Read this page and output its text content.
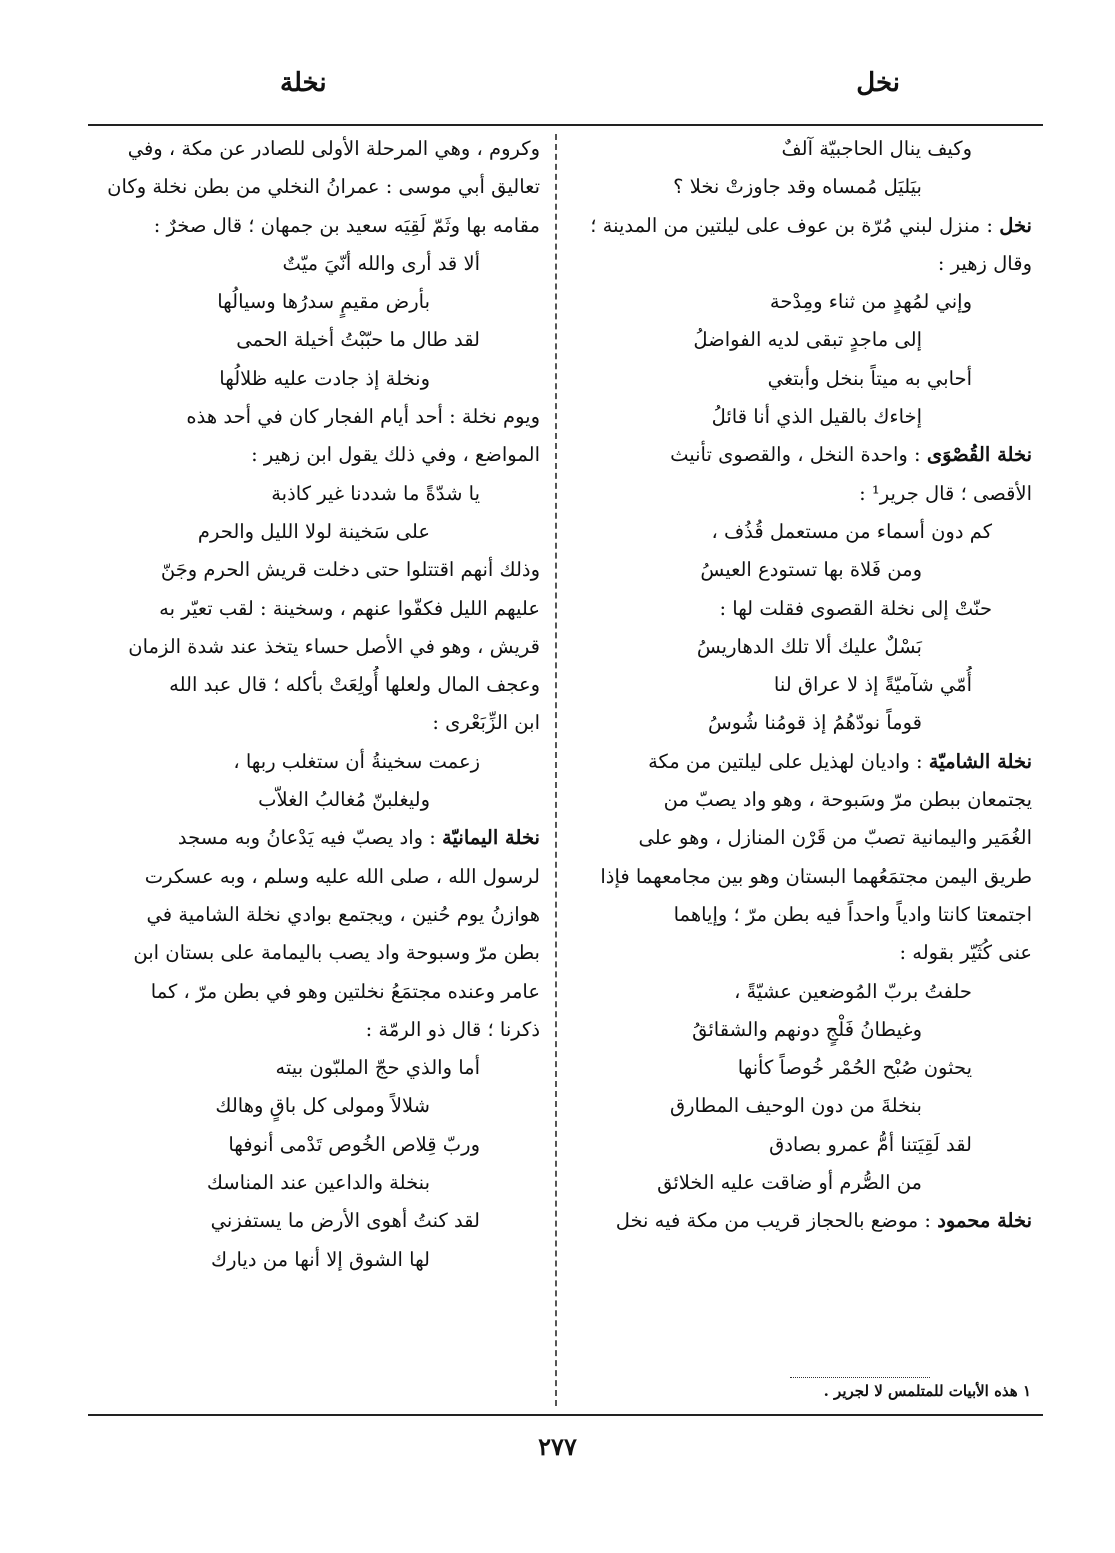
نخل
نخلة
وكيف ينال الحاجبيّة آلفٌ
بيَليَل مُمساه وقد جاوزتْ نخلا ؟
نخل : منزل لبني مُرّة بن عوف على ليلتين من المدينة ؛
وقال زهير :
وإني لمُهدٍ من ثناء ومِدْحة
إلى ماجدٍ تبقى لديه الفواضلُ
أحابي به ميتاً بنخل وأبتغي
إخاءك بالقيل الذي أنا قائلُ
نخلة القُصْوَى : واحدة النخل ، والقصوى تأنيث
الأقصى ؛ قال جرير¹ :
كم دون أسماء من مستعمل قُذُف ،
ومن فَلاة بها تستودع العيسُ
حنّتْ إلى نخلة القصوى فقلت لها :
بَسْلٌ عليك ألا تلك الدهاريسُ
أُمّي شآميّةً إذ لا عراق لنا
قوماً نودّهُمُ إذ قومُنا شُوسُ
نخلة الشاميّة : واديان لهذيل على ليلتين من مكة
يجتمعان ببطن مرّ وسَبوحة ، وهو واد يصبّ من
الغُمَير واليمانية تصبّ من قَرْن المنازل ، وهو على
طريق اليمن مجتمَعُهما البستان وهو بين مجامعهما فإذا
اجتمعتا كانتا وادياً واحداً فيه بطن مرّ ؛ وإياهما
عنى كُثَيّر بقوله :
حلفتُ بربّ المُوضعين عشيّةً ،
وغيطانُ فَلْجٍ دونهم والشقائقُ
يحثون صُبْح الحُمْر خُوصاً كأنها
بنخلةَ من دون الوحيف المطارق
لقد لَقِيَتنا أمُّ عمرو بصادق
من الصُّرم أو ضاقت عليه الخلائق
نخلة محمود : موضع بالحجاز قريب من مكة فيه نخل
وكروم ، وهي المرحلة الأولى للصادر عن مكة ، وفي
تعاليق أبي موسى : عمرانُ النخلي من بطن نخلة وكان
مقامه بها وثَمّ لَقِيَه سعيد بن جمهان ؛ قال صخرٌ :
ألا قد أرى والله أنّيَ ميّتٌ
بأرض مقيمٍ سدرُها وسيالُها
لقد طال ما حبّبْتُ أخيلة الحمى
ونخلة إذ جادت عليه ظلالُها
ويوم نخلة : أحد أيام الفجار كان في أحد هذه
المواضع ، وفي ذلك يقول ابن زهير :
يا شدّةً ما شددنا غير كاذبة
على سَخينة لولا الليل والحرم
وذلك أنهم اقتتلوا حتى دخلت قريش الحرم وجَنّ
عليهم الليل فكفّوا عنهم ، وسخينة : لقب تعيّر به
قريش ، وهو في الأصل حساء يتخذ عند شدة الزمان
وعجف المال ولعلها أُولِعَتْ بأكله ؛ قال عبد الله
ابن الزِّبَعْرى :
زعمت سخينةُ أن ستغلب ربها ،
وليغلبنّ مُغالبُ الغلاّب
نخلة اليمانيّة : واد يصبّ فيه يَدْعانُ وبه مسجد
لرسول الله ، صلى الله عليه وسلم ، وبه عسكرت
هوازنُ يوم حُنين ، ويجتمع بوادي نخلة الشامية في
بطن مرّ وسبوحة واد يصب باليمامة على بستان ابن
عامر وعنده مجتمَعُ نخلتين وهو في بطن مرّ ، كما
ذكرنا ؛ قال ذو الرمّة :
أما والذي حجّ الملبّون بيته
شلالاً ومولى كل باقٍ وهالك
وربّ قِلاص الخُوص تَدْمى أنوفها
بنخلة والداعين عند المناسك
لقد كنتُ أهوى الأرض ما يستفزني
لها الشوق إلا أنها من ديارك
١ هذه الأبيات للمتلمس لا لجرير .
٢٧٧
